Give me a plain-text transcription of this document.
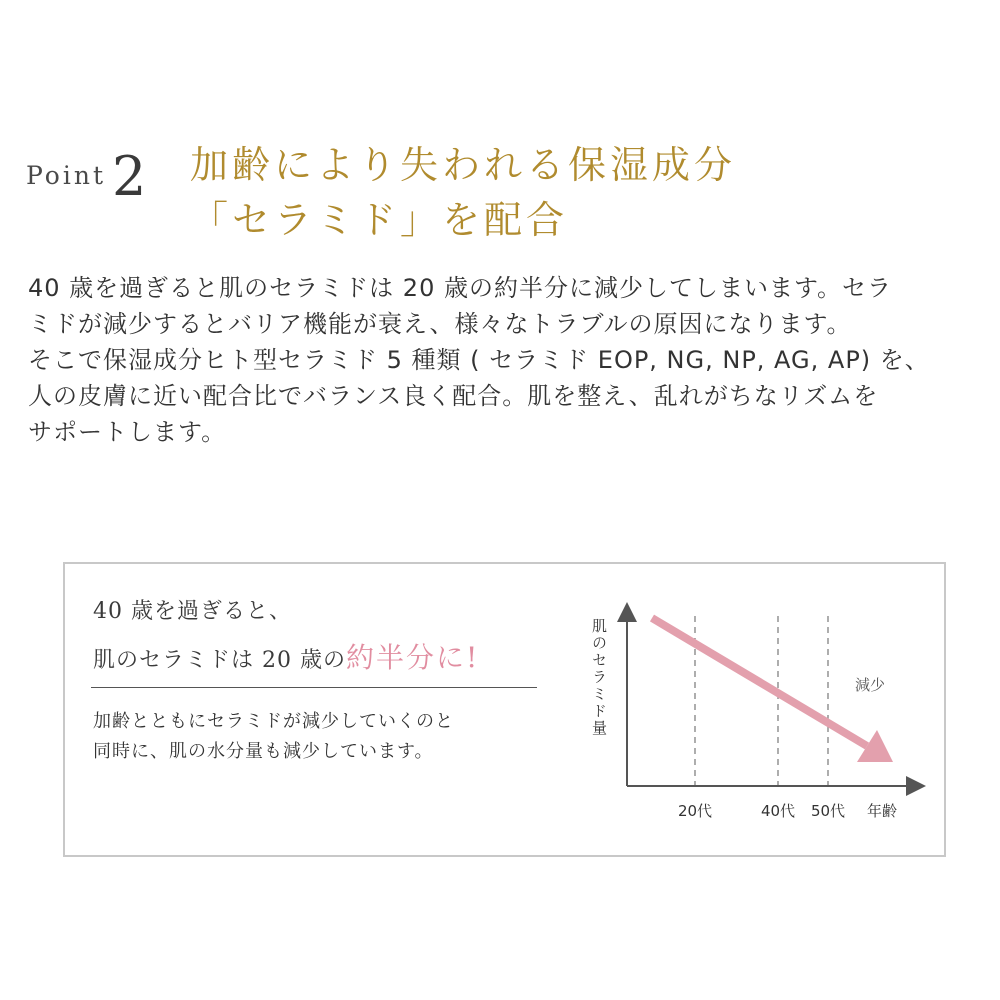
Point 2 加齢により失われる保湿成分
「セラミド」を配合
40 歳を過ぎると肌のセラミドは 20 歳の約半分に減少してしまいます。セラ
ミドが減少するとバリア機能が衰え、様々なトラブルの原因になります。
そこで保湿成分ヒト型セラミド 5 種類 ( セラミド EOP, NG, NP, AG, AP) を、
人の皮膚に近い配合比でバランス良く配合。肌を整え、乱れがちなリズムを
サポートします。
40 歳を過ぎると、
肌のセラミドは 20 歳の約半分に!
加齢とともにセラミドが減少していくのと
同時に、肌の水分量も減少しています。
肌のセラミド量	減少
20代	40代 50代 年齢
